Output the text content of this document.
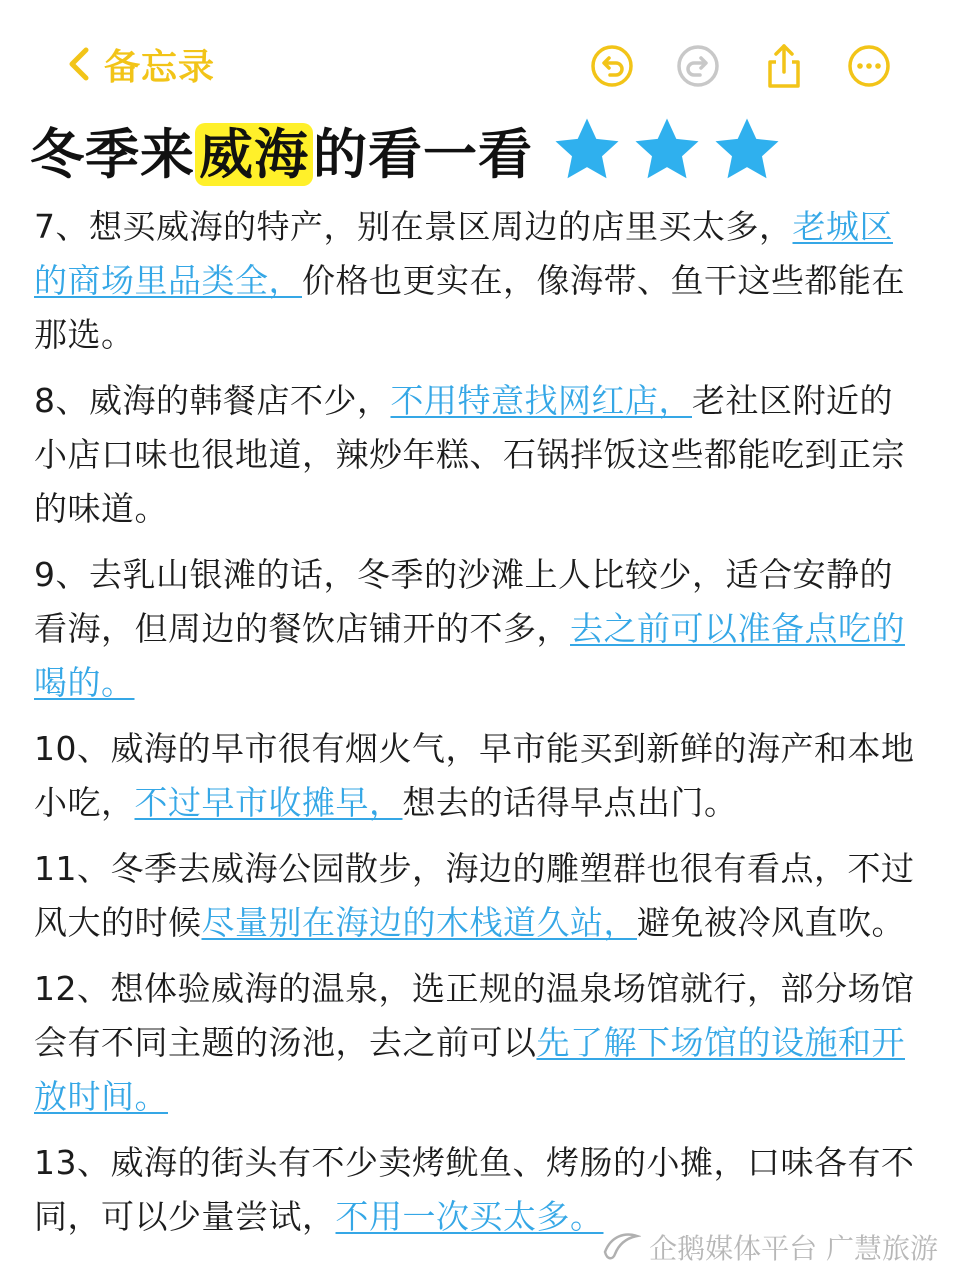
备忘录
冬季来威海的看一看

7、想买威海的特产，别在景区周边的店里买太多，老城区的商场里品类全，价格也更实在，像海带、鱼干这些都能在那选。

8、威海的韩餐店不少，不用特意找网红店，老社区附近的小店口味也很地道，辣炒年糕、石锅拌饭这些都能吃到正宗的味道。

9、去乳山银滩的话，冬季的沙滩上人比较少，适合安静的看海，但周边的餐饮店铺开的不多，去之前可以准备点吃的喝的。

10、威海的早市很有烟火气，早市能买到新鲜的海产和本地小吃，不过早市收摊早，想去的话得早点出门。

11、冬季去威海公园散步，海边的雕塑群也很有看点，不过风大的时候尽量别在海边的木栈道久站，避免被冷风直吹。

12、想体验威海的温泉，选正规的温泉场馆就行，部分场馆会有不同主题的汤池，去之前可以先了解下场馆的设施和开放时间。

13、威海的街头有不少卖烤鱿鱼、烤肠的小摊，口味各有不同，可以少量尝试，不用一次买太多。

企鹅媒体平台 广慧旅游
